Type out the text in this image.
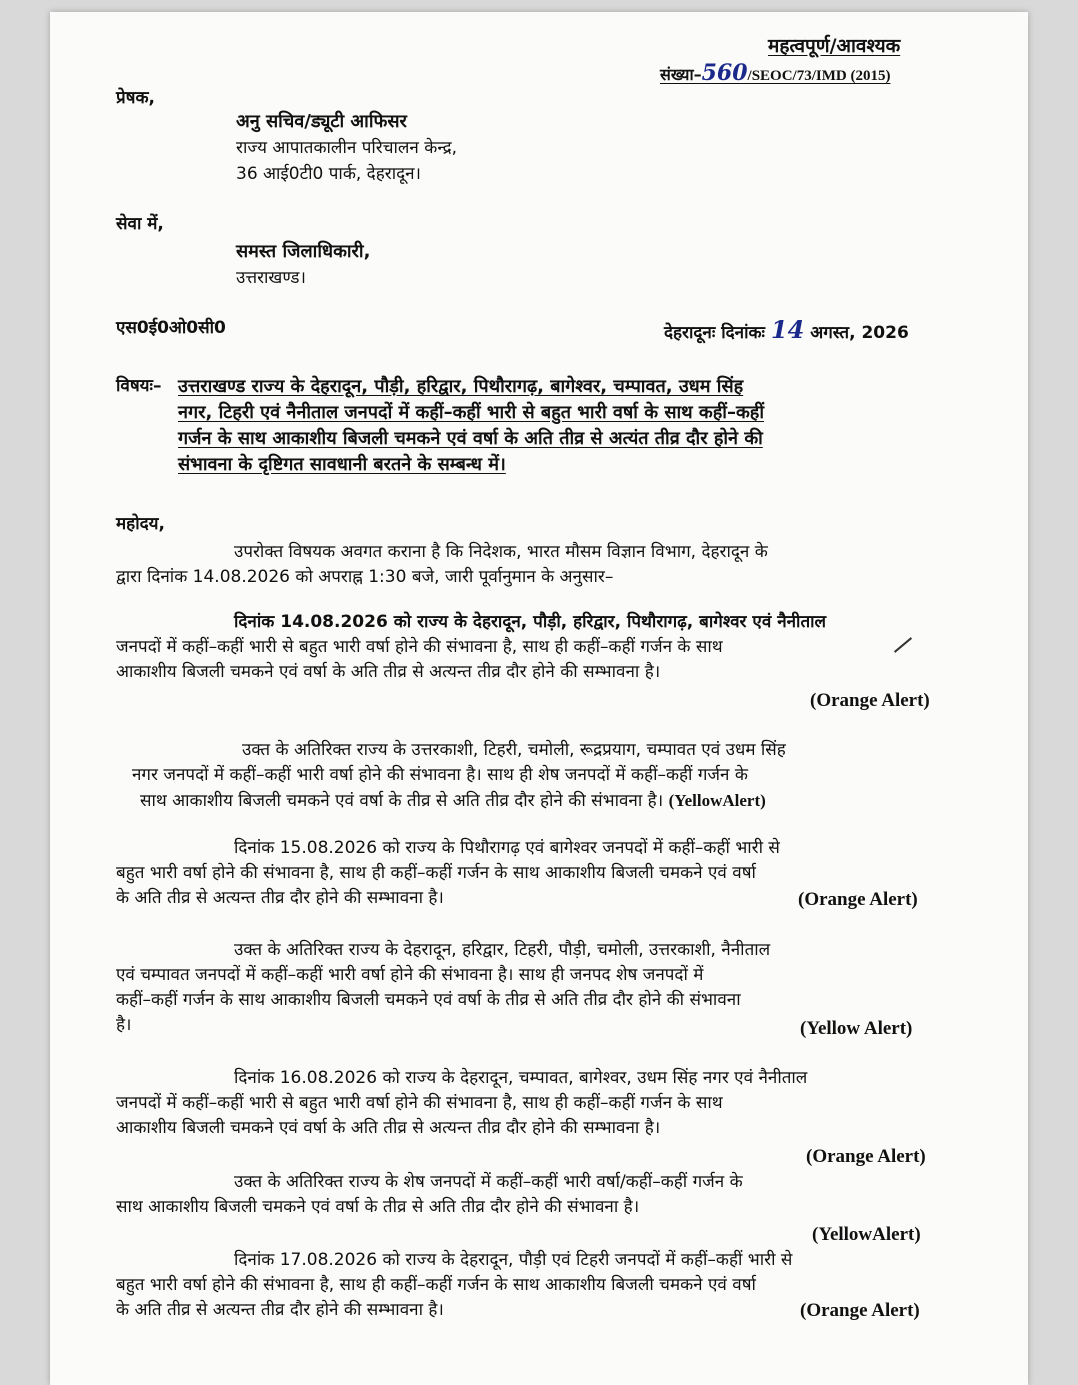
महत्वपूर्ण/आवश्यक
संख्या–560/SEOC/73/IMD (2015)
प्रेषक,
अनु सचिव/ड्यूटी आफिसर
राज्य आपातकालीन परिचालन केन्द्र,
36 आई0टी0 पार्क, देहरादून।
सेवा में,
समस्त जिलाधिकारी,
उत्तराखण्ड।
एस0ई0ओ0सी0	देहरादूनः दिनांकः 14 अगस्त, 2026
विषयः– उत्तराखण्ड राज्य के देहरादून, पौड़ी, हरिद्वार, पिथौरागढ़, बागेश्वर, चम्पावत, उधम सिंह
नगर, टिहरी एवं नैनीताल जनपदों में कहीं–कहीं भारी से बहुत भारी वर्षा के साथ कहीं–कहीं
गर्जन के साथ आकाशीय बिजली चमकने एवं वर्षा के अति तीव्र से अत्यंत तीव्र दौर होने की
संभावना के दृष्टिगत सावधानी बरतने के सम्बन्ध में।
महोदय,
उपरोक्त विषयक अवगत कराना है कि निदेशक, भारत मौसम विज्ञान विभाग, देहरादून के
द्वारा दिनांक 14.08.2026 को अपराह्न 1:30 बजे, जारी पूर्वानुमान के अनुसार–
दिनांक 14.08.2026 को राज्य के देहरादून, पौड़ी, हरिद्वार, पिथौरागढ़, बागेश्वर एवं नैनीताल
जनपदों में कहीं–कहीं भारी से बहुत भारी वर्षा होने की संभावना है, साथ ही कहीं–कहीं गर्जन के साथ
आकाशीय बिजली चमकने एवं वर्षा के अति तीव्र से अत्यन्त तीव्र दौर होने की सम्भावना है।
(Orange Alert)
उक्त के अतिरिक्त राज्य के उत्तरकाशी, टिहरी, चमोली, रूद्रप्रयाग, चम्पावत एवं उधम सिंह
नगर जनपदों में कहीं–कहीं भारी वर्षा होने की संभावना है। साथ ही शेष जनपदों में कहीं–कहीं गर्जन के
साथ आकाशीय बिजली चमकने एवं वर्षा के तीव्र से अति तीव्र दौर होने की संभावना है। (YellowAlert)
दिनांक 15.08.2026 को राज्य के पिथौरागढ़ एवं बागेश्वर जनपदों में कहीं–कहीं भारी से
बहुत भारी वर्षा होने की संभावना है, साथ ही कहीं–कहीं गर्जन के साथ आकाशीय बिजली चमकने एवं वर्षा
के अति तीव्र से अत्यन्त तीव्र दौर होने की सम्भावना है।	(Orange Alert)
उक्त के अतिरिक्त राज्य के देहरादून, हरिद्वार, टिहरी, पौड़ी, चमोली, उत्तरकाशी, नैनीताल
एवं चम्पावत जनपदों में कहीं–कहीं भारी वर्षा होने की संभावना है। साथ ही जनपद शेष जनपदों में
कहीं–कहीं गर्जन के साथ आकाशीय बिजली चमकने एवं वर्षा के तीव्र से अति तीव्र दौर होने की संभावना
है।	(Yellow Alert)
दिनांक 16.08.2026 को राज्य के देहरादून, चम्पावत, बागेश्वर, उधम सिंह नगर एवं नैनीताल
जनपदों में कहीं–कहीं भारी से बहुत भारी वर्षा होने की संभावना है, साथ ही कहीं–कहीं गर्जन के साथ
आकाशीय बिजली चमकने एवं वर्षा के अति तीव्र से अत्यन्त तीव्र दौर होने की सम्भावना है।
(Orange Alert)
उक्त के अतिरिक्त राज्य के शेष जनपदों में कहीं–कहीं भारी वर्षा/कहीं–कहीं गर्जन के
साथ आकाशीय बिजली चमकने एवं वर्षा के तीव्र से अति तीव्र दौर होने की संभावना है।
(YellowAlert)
दिनांक 17.08.2026 को राज्य के देहरादून, पौड़ी एवं टिहरी जनपदों में कहीं–कहीं भारी से
बहुत भारी वर्षा होने की संभावना है, साथ ही कहीं–कहीं गर्जन के साथ आकाशीय बिजली चमकने एवं वर्षा
के अति तीव्र से अत्यन्त तीव्र दौर होने की सम्भावना है।	(Orange Alert)
